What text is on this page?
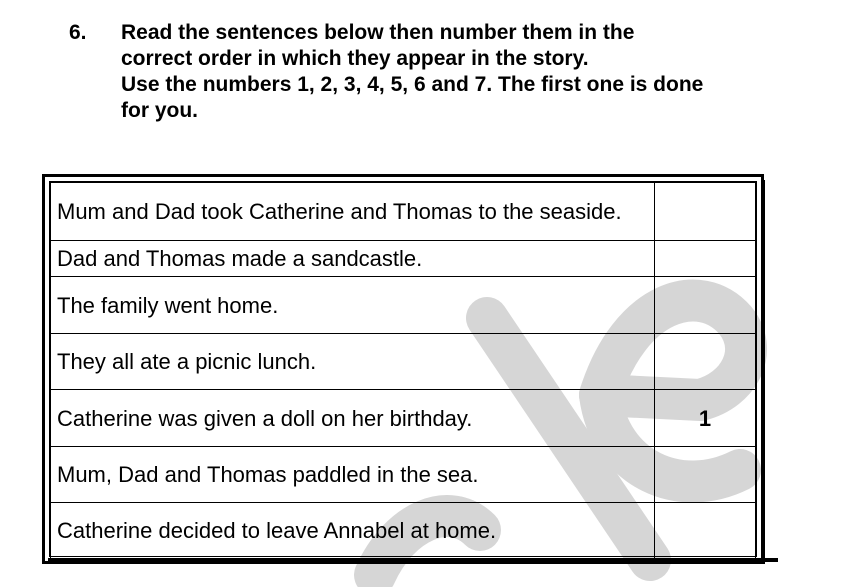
6. Read the sentences below then number them in the
correct order in which they appear in the story.
Use the numbers 1, 2, 3, 4, 5, 6 and 7. The first one is done
for you.
Mum and Dad took Catherine and Thomas to the seaside.	
Dad and Thomas made a sandcastle.	
The family went home.	
They all ate a picnic lunch.	
Catherine was given a doll on her birthday.	1
Mum, Dad and Thomas paddled in the sea.	
Catherine decided to leave Annabel at home.	
